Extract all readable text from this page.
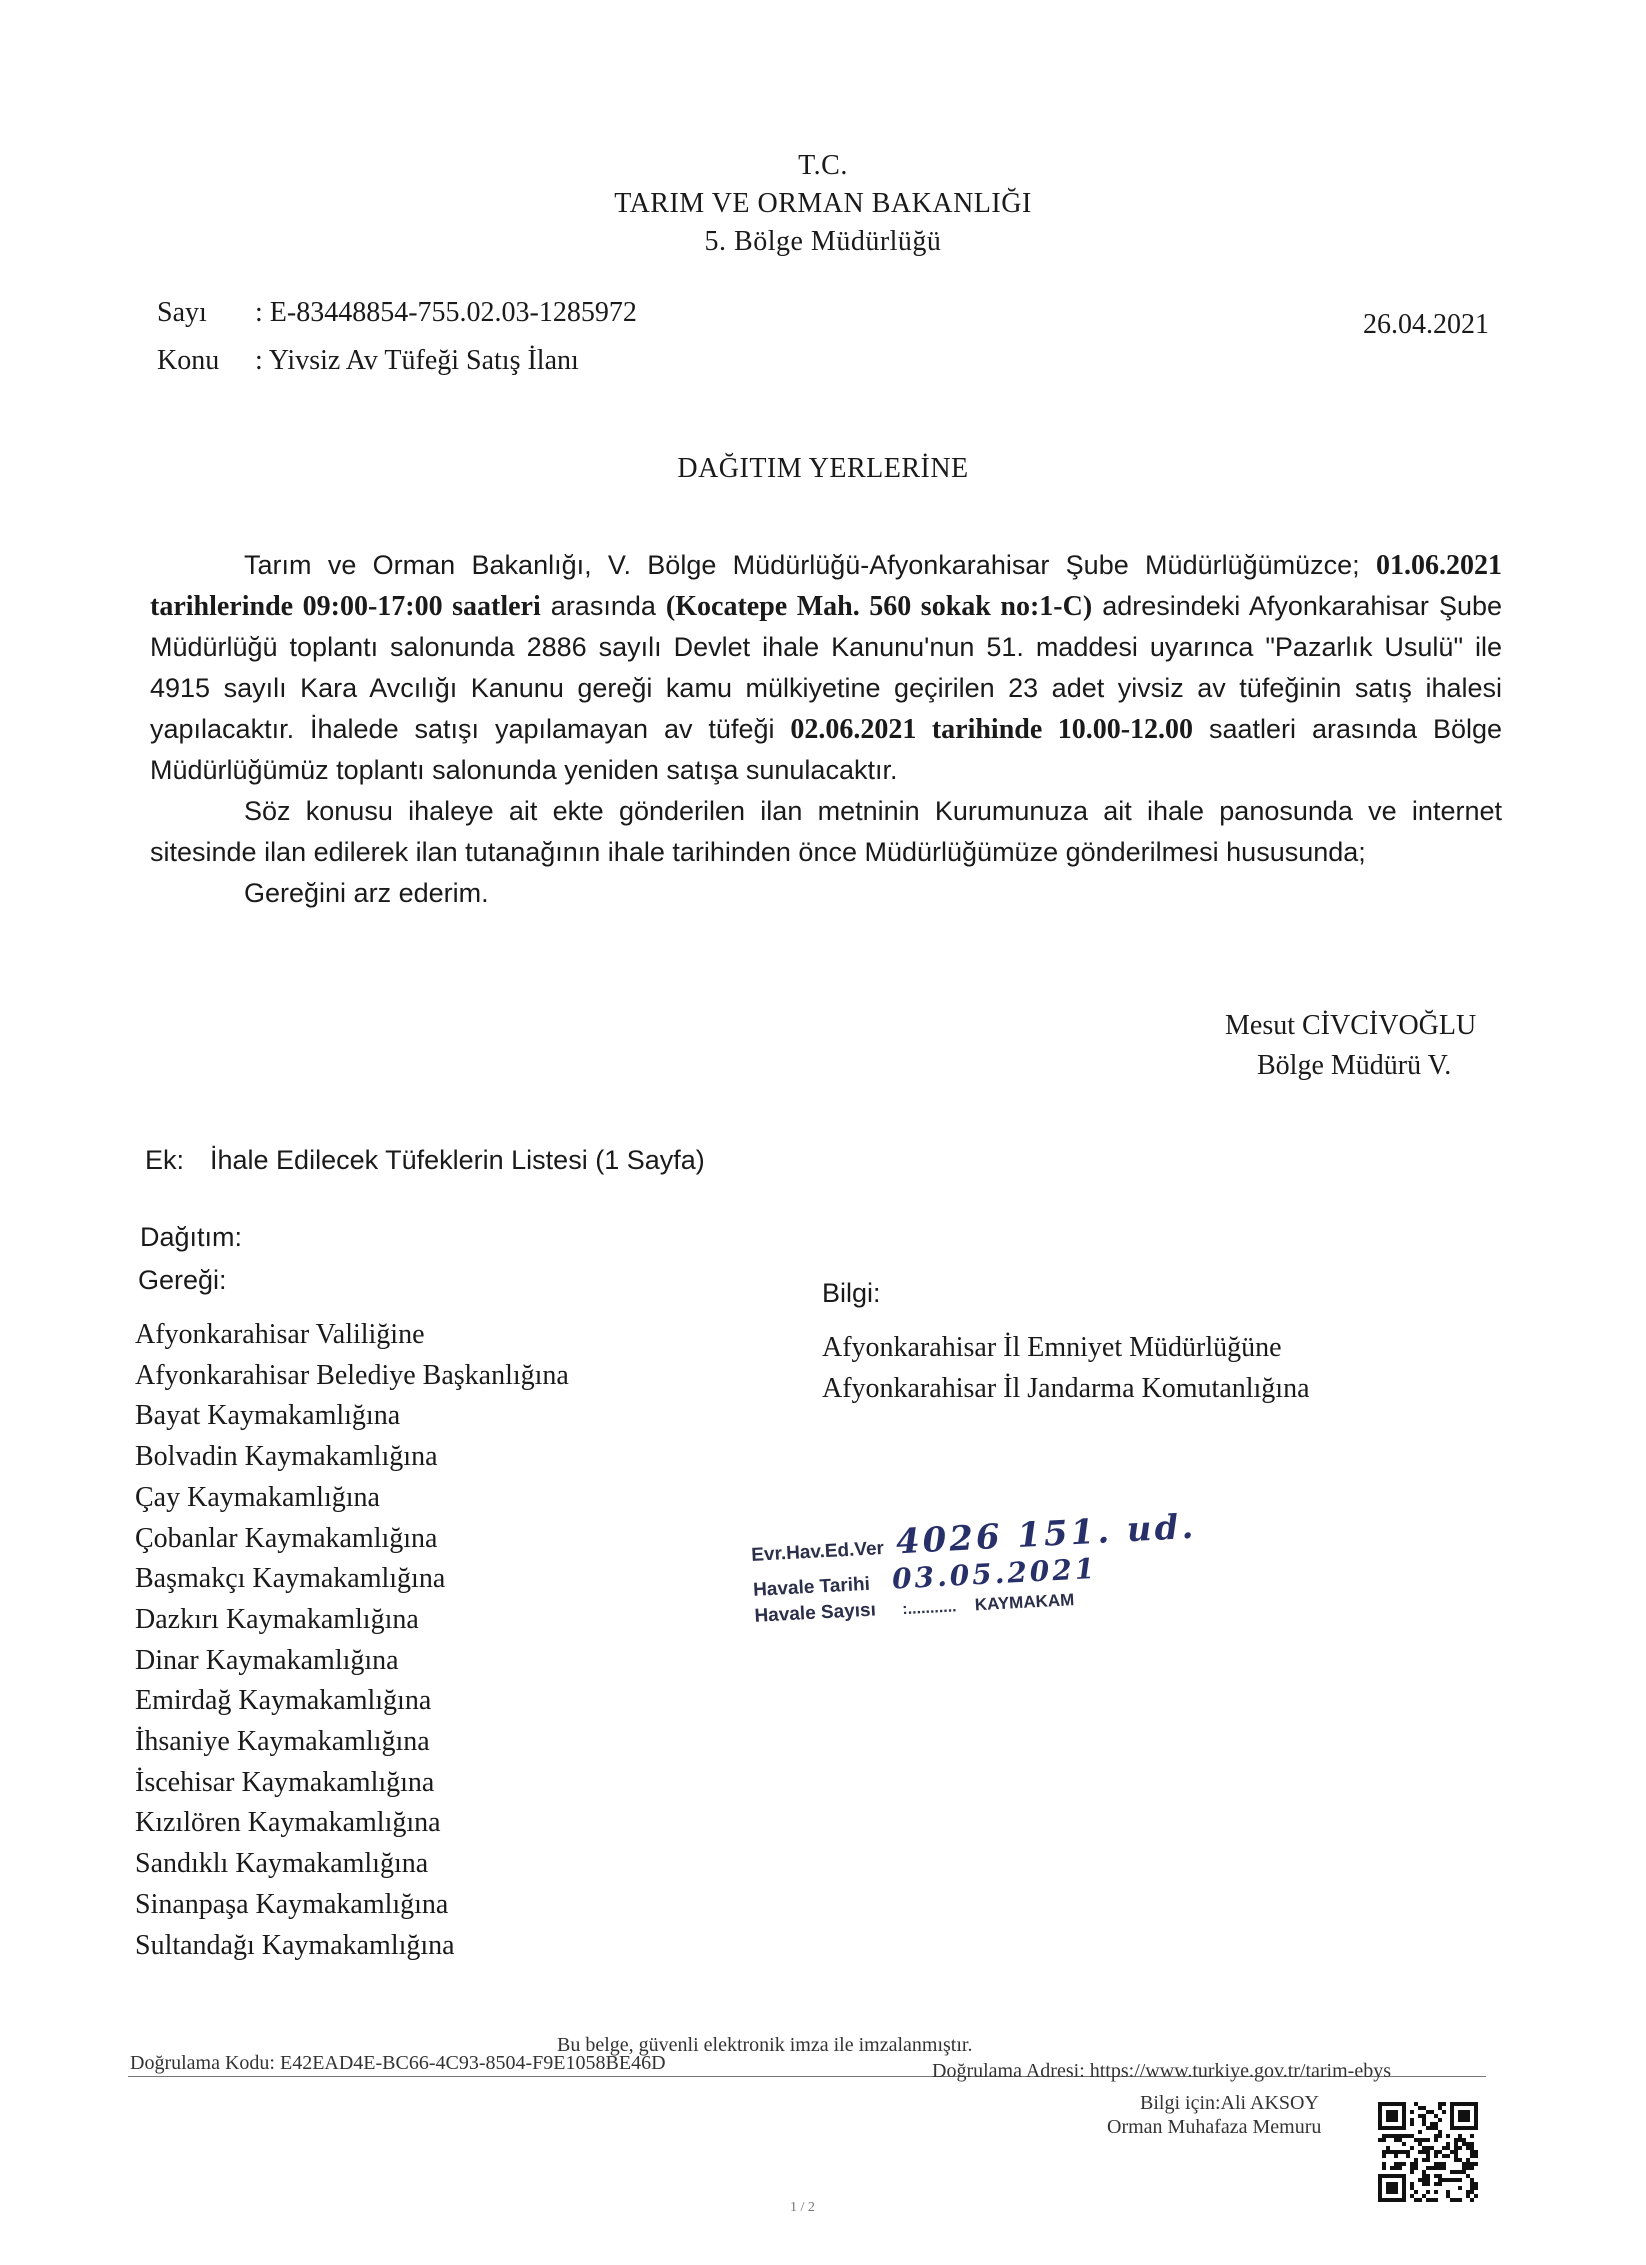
T.C.
TARIM VE ORMAN BAKANLIĞI
5. Bölge Müdürlüğü
Sayı : E-83448854-755.02.03-1285972	26.04.2021
Konu : Yivsiz Av Tüfeği Satış İlanı
DAĞITIM YERLERİNE

Tarım ve Orman Bakanlığı, V. Bölge Müdürlüğü-Afyonkarahisar Şube Müdürlüğümüzce; 01.06.2021 tarihlerinde 09:00-17:00 saatleri arasında (Kocatepe Mah. 560 sokak no:1-C) adresindeki Afyonkarahisar Şube Müdürlüğü toplantı salonunda 2886 sayılı Devlet ihale Kanunu'nun 51. maddesi uyarınca "Pazarlık Usulü" ile 4915 sayılı Kara Avcılığı Kanunu gereği kamu mülkiyetine geçirilen 23 adet yivsiz av tüfeğinin satış ihalesi yapılacaktır. İhalede satışı yapılamayan av tüfeği 02.06.2021 tarihinde 10.00-12.00 saatleri arasında Bölge Müdürlüğümüz toplantı salonunda yeniden satışa sunulacaktır.

Söz konusu ihaleye ait ekte gönderilen ilan metninin Kurumunuza ait ihale panosunda ve internet sitesinde ilan edilerek ilan tutanağının ihale tarihinden önce Müdürlüğümüze gönderilmesi hususunda;

Gereğini arz ederim.

Mesut CİVCİVOĞLU
Bölge Müdürü V.
Ek: İhale Edilecek Tüfeklerin Listesi (1 Sayfa)
Dağıtım:
Gereği:
Afyonkarahisar Valiliğine
Afyonkarahisar Belediye Başkanlığına
Bayat Kaymakamlığına
Bolvadin Kaymakamlığına
Çay Kaymakamlığına
Çobanlar Kaymakamlığına
Başmakçı Kaymakamlığına
Dazkırı Kaymakamlığına
Dinar Kaymakamlığına
Emirdağ Kaymakamlığına
İhsaniye Kaymakamlığına
İscehisar Kaymakamlığına
Kızılören Kaymakamlığına
Sandıklı Kaymakamlığına
Sinanpaşa Kaymakamlığına
Sultandağı Kaymakamlığına
Bilgi:
Afyonkarahisar İl Emniyet Müdürlüğüne
Afyonkarahisar İl Jandarma Komutanlığına
Evr.Hav.Ed.Ver 4026 151. ud.
Havale Tarihi 03.05.2021
Havale Sayısı :........... KAYMAKAM
Bu belge, güvenli elektronik imza ile imzalanmıştır.
Doğrulama Kodu: E42EAD4E-BC66-4C93-8504-F9E1058BE46D	Doğrulama Adresi: https://www.turkiye.gov.tr/tarim-ebys
Bilgi için:Ali AKSOY
Orman Muhafaza Memuru
1 / 2
